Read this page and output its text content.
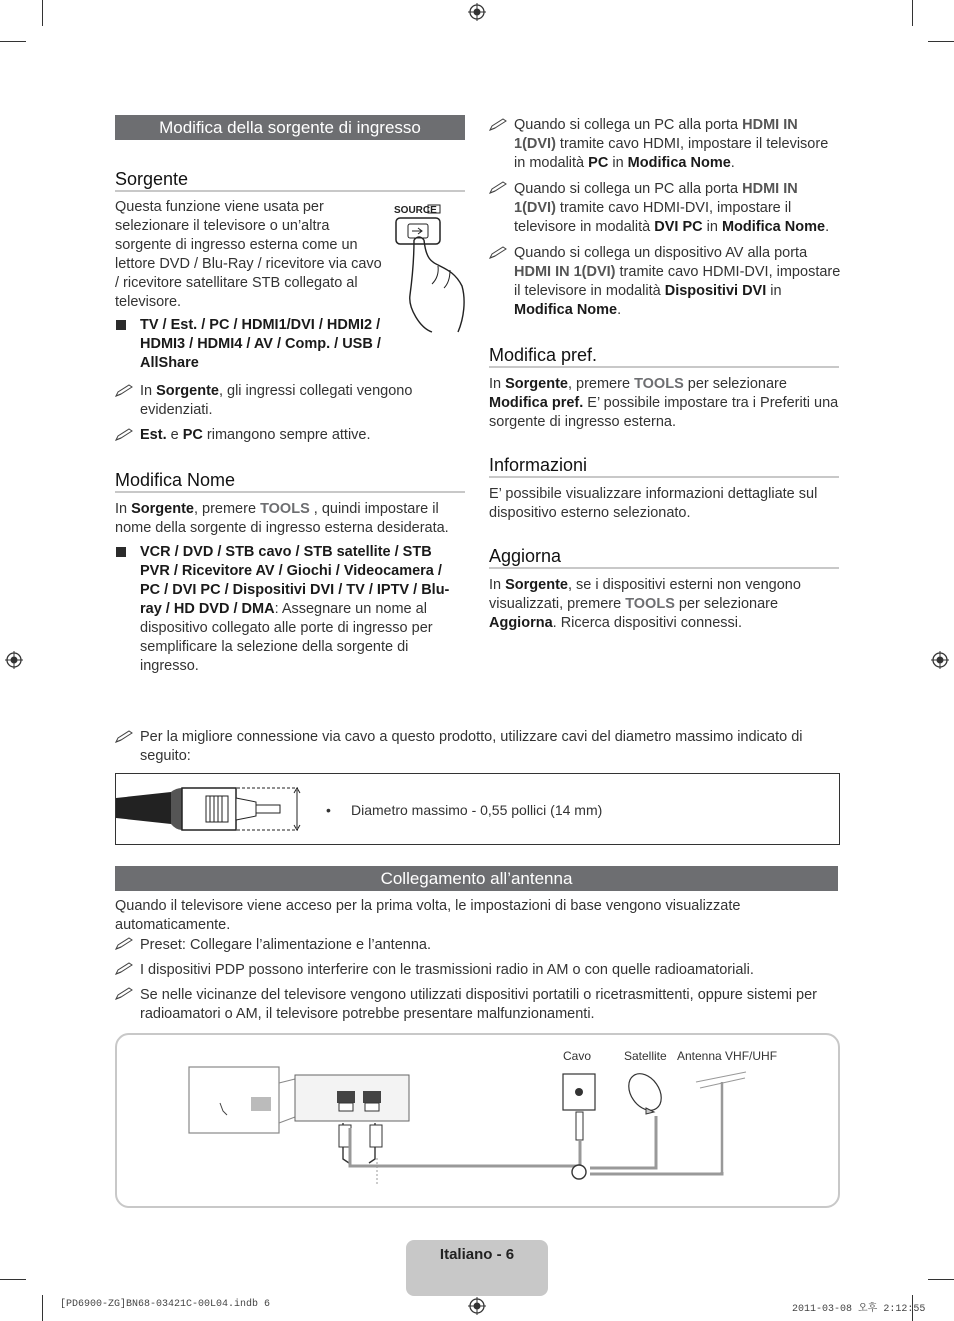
Modifica della sorgente di ingresso
Sorgente
Questa funzione viene usata per selezionare il televisore o un’altra sorgente di ingresso esterna come un lettore DVD / Blu-Ray / ricevitore via cavo / ricevitore satellitare STB collegato al televisore.
SOURCE
TV / Est. / PC / HDMI1/DVI / HDMI2 / HDMI3 / HDMI4 / AV / Comp. / USB / AllShare
In Sorgente, gli ingressi collegati vengono evidenziati.
Est. e PC rimangono sempre attive.
Modifica Nome
In Sorgente, premere TOOLS , quindi impostare il nome della sorgente di ingresso esterna desiderata.
VCR / DVD / STB cavo / STB satellite / STB PVR / Ricevitore AV / Giochi / Videocamera / PC / DVI PC / Dispositivi DVI / TV / IPTV / Blu-ray / HD DVD / DMA: Assegnare un nome al dispositivo collegato alle porte di ingresso per semplificare la selezione della sorgente di ingresso.
Quando si collega un PC alla porta HDMI IN 1(DVI) tramite cavo HDMI, impostare il televisore in modalità PC in Modifica Nome.
Quando si collega un PC alla porta HDMI IN 1(DVI) tramite cavo HDMI-DVI, impostare il televisore in modalità DVI PC in Modifica Nome.
Quando si collega un dispositivo AV alla porta HDMI IN 1(DVI) tramite cavo HDMI-DVI, impostare il televisore in modalità Dispositivi DVI in Modifica Nome.
Modifica pref.
In Sorgente, premere TOOLS per selezionare Modifica pref. E’ possibile impostare tra i Preferiti una sorgente di ingresso esterna.
Informazioni
E’ possibile visualizzare informazioni dettagliate sul dispositivo esterno selezionato.
Aggiorna
In Sorgente, se i dispositivi esterni non vengono visualizzati, premere TOOLS per selezionare Aggiorna. Ricerca dispositivi connessi.
Per la migliore connessione via cavo a questo prodotto, utilizzare cavi del diametro massimo indicato di seguito:
• Diametro massimo - 0,55 pollici (14 mm)
Collegamento all’antenna
Quando il televisore viene acceso per la prima volta, le impostazioni di base vengono visualizzate automaticamente.
Preset: Collegare l’alimentazione e l’antenna.
I dispositivi PDP possono interferire con le trasmissioni radio in AM o con quelle radioamatoriali.
Se nelle vicinanze del televisore vengono utilizzati dispositivi portatili o ricetrasmittenti, oppure sistemi per radioamatori o AM, il televisore potrebbe presentare malfunzionamenti.
Cavo	Satellite Antenna VHF/UHF
Italiano - 6
[PD6900-ZG]BN68-03421C-00L04.indb 6	2011-03-08 오후 2:12:55
